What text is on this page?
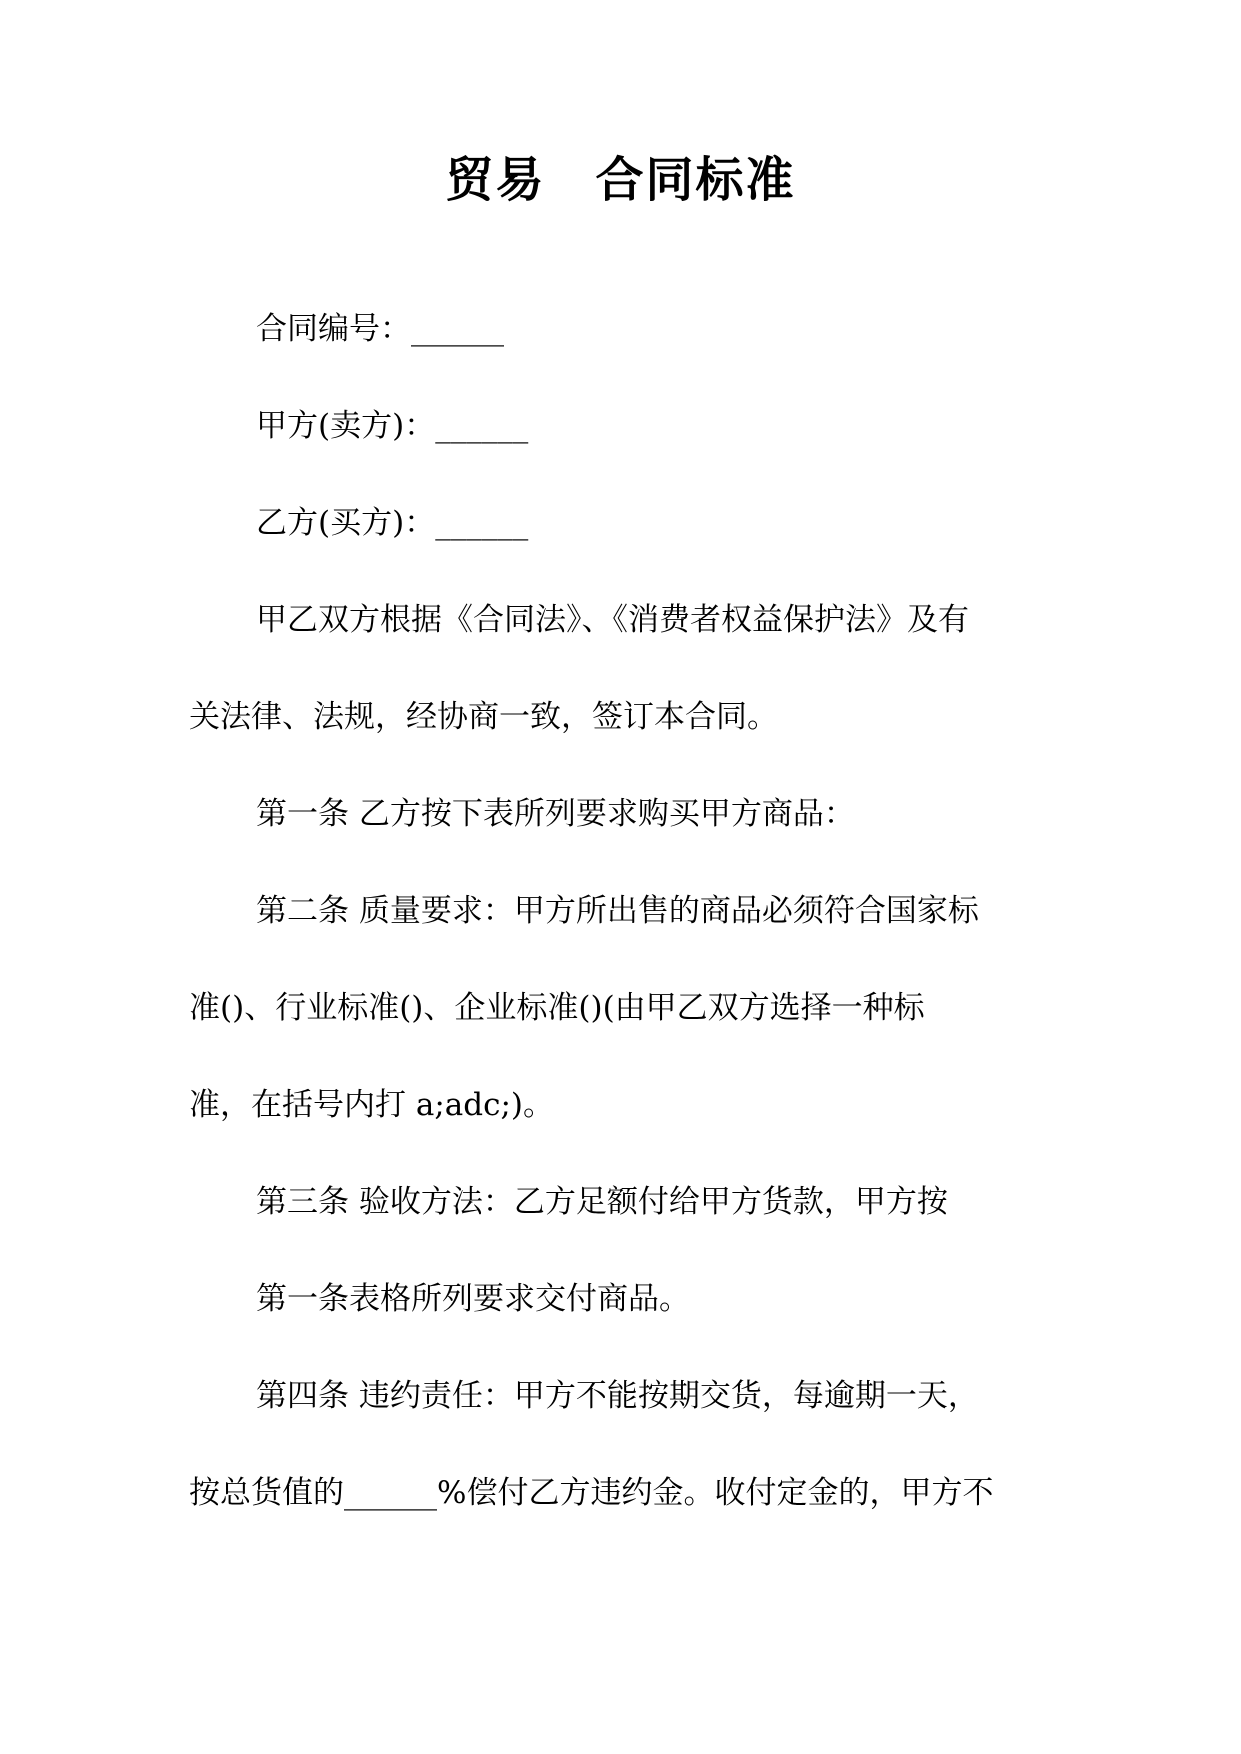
贸易　合同标准

合同编号：______

甲方(卖方)：______

乙方(买方)：______

甲乙双方根据《合同法》、《消费者权益保护法》及有

关法律、法规，经协商一致，签订本合同。

第一条 乙方按下表所列要求购买甲方商品：

第二条 质量要求：甲方所出售的商品必须符合国家标

准()、行业标准()、企业标准()(由甲乙双方选择一种标

准，在括号内打 a;adc;)。

第三条 验收方法：乙方足额付给甲方货款，甲方按

第一条表格所列要求交付商品。

第四条 违约责任：甲方不能按期交货，每逾期一天，

按总货值的______%偿付乙方违约金。收付定金的，甲方不
